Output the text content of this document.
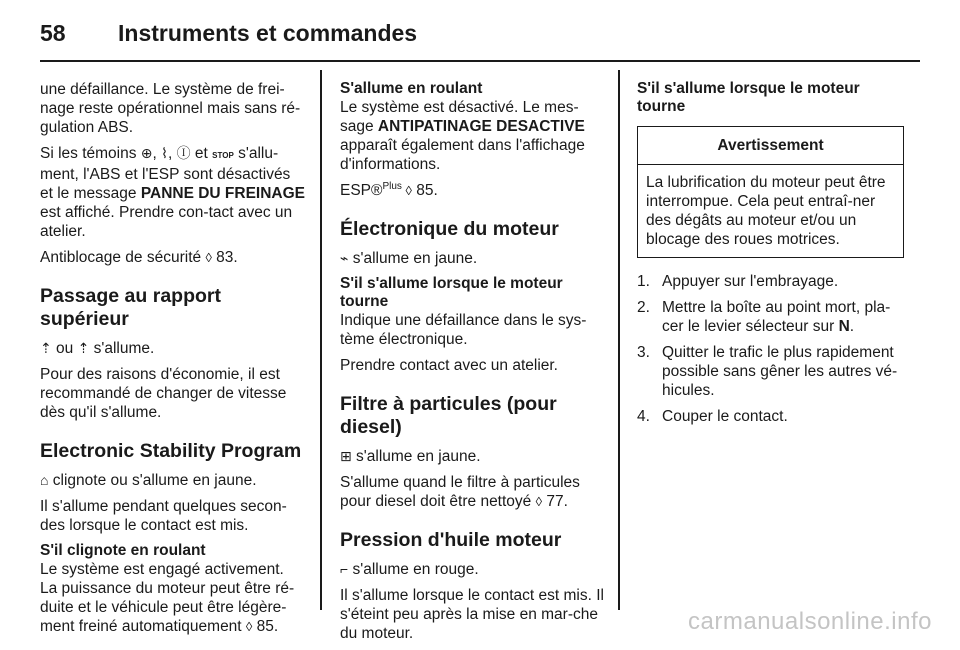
58 Instruments et commandes

une défaillance. Le système de frei-nage reste opérationnel mais sans ré-gulation ABS.

Si les témoins ⊕, ⌇, Ⓘ et STOP s'allu-ment, l'ABS et l'ESP sont désactivés et le message PANNE DU FREINAGE est affiché. Prendre con-tact avec un atelier.

Antiblocage de sécurité ◊ 83.

Passage au rapport supérieur

⇡ ou ⇡ s'allume.

Pour des raisons d'économie, il est recommandé de changer de vitesse dès qu'il s'allume.

Electronic Stability Program

⌂ clignote ou s'allume en jaune.

Il s'allume pendant quelques secon-des lorsque le contact est mis.

S'il clignote en roulant

Le système est engagé activement. La puissance du moteur peut être ré-duite et le véhicule peut être légère-ment freiné automatiquement ◊ 85.

S'allume en roulant

Le système est désactivé. Le mes-sage ANTIPATINAGE DESACTIVE apparaît également dans l'affichage d'informations.

ESP®$^{Plus}$ ◊ 85.

Électronique du moteur

⌁ s'allume en jaune.

S'il s'allume lorsque le moteur tourne

Indique une défaillance dans le sys-tème électronique.

Prendre contact avec un atelier.

Filtre à particules (pour diesel)

⊞ s'allume en jaune.

S'allume quand le filtre à particules pour diesel doit être nettoyé ◊ 77.

Pression d'huile moteur

⌐ s'allume en rouge.

Il s'allume lorsque le contact est mis. Il s'éteint peu après la mise en mar-che du moteur.

S'il s'allume lorsque le moteur tourne
Avertissement
La lubrification du moteur peut être interrompue. Cela peut entraî-ner des dégâts au moteur et/ou un blocage des roues motrices.
1. Appuyer sur l'embrayage.
2. Mettre la boîte au point mort, pla-cer le levier sélecteur sur N.
3. Quitter le trafic le plus rapidement possible sans gêner les autres vé-hicules.
4. Couper le contact.
carmanualsonline.info
